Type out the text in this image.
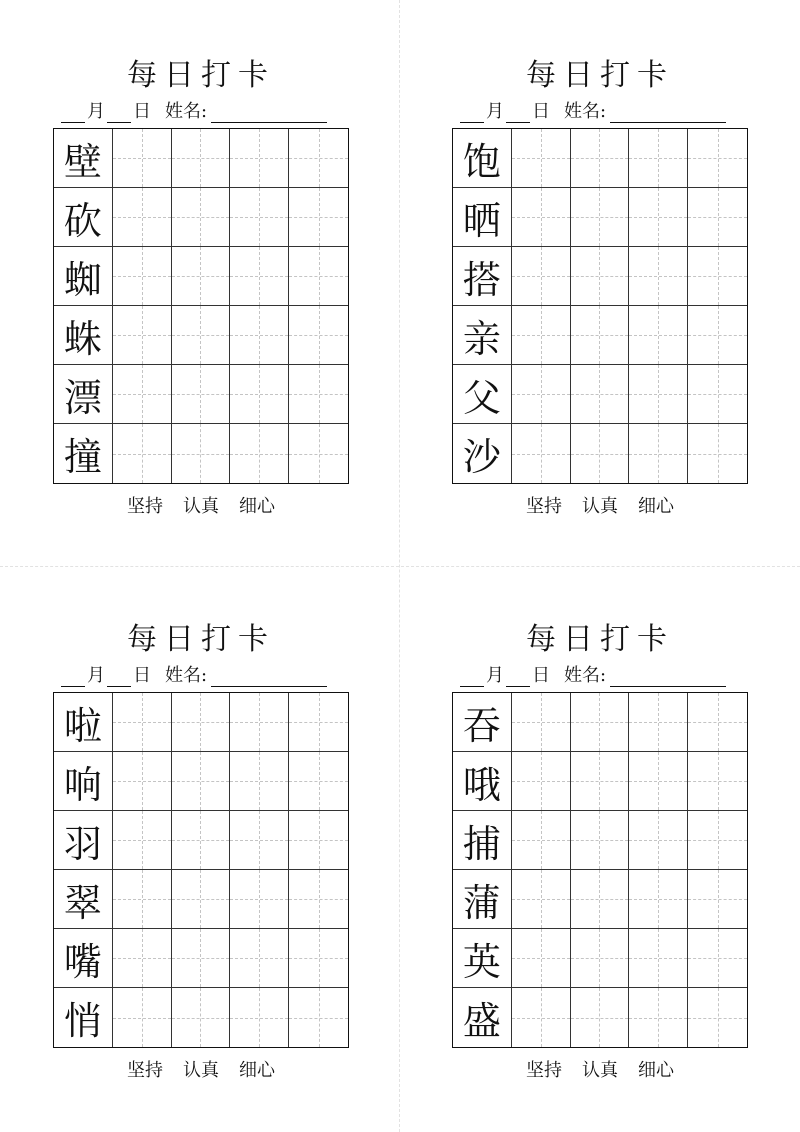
每日打卡
月 日 姓名:
壁
砍
蜘
蛛
漂
撞
坚持 认真 细心
每日打卡
月 日 姓名:
饱
晒
搭
亲
父
沙
坚持 认真 细心
每日打卡
月 日 姓名:
啦
响
羽
翠
嘴
悄
坚持 认真 细心
每日打卡
月 日 姓名:
吞
哦
捕
蒲
英
盛
坚持 认真 细心
